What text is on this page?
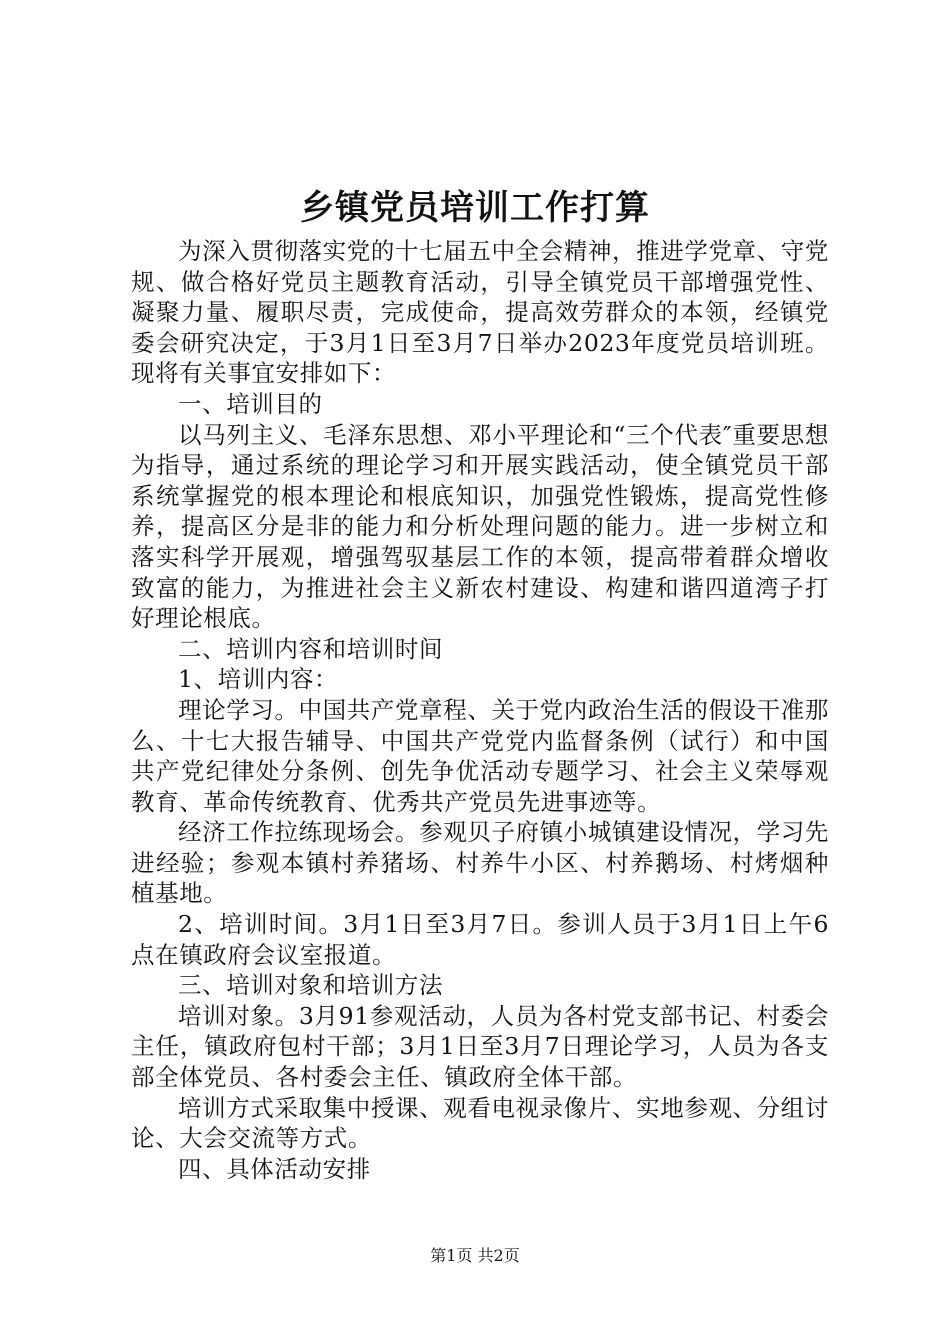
乡镇党员培训工作打算

为深入贯彻落实党的十七届五中全会精神，推进学党章、守党规、做合格好党员主题教育活动，引导全镇党员干部增强党性、凝聚力量、履职尽责，完成使命，提高效劳群众的本领，经镇党委会研究决定，于3月1日至3月7日举办2023年度党员培训班。现将有关事宜安排如下：

一、培训目的

以马列主义、毛泽东思想、邓小平理论和“三个代表″重要思想为指导，通过系统的理论学习和开展实践活动，使全镇党员干部系统掌握党的根本理论和根底知识，加强党性锻炼，提高党性修养，提高区分是非的能力和分析处理问题的能力。进一步树立和落实科学开展观，增强驾驭基层工作的本领，提高带着群众增收致富的能力，为推进社会主义新农村建设、构建和谐四道湾子打好理论根底。

二、培训内容和培训时间

1、培训内容：

理论学习。中国共产党章程、关于党内政治生活的假设干准那么、十七大报告辅导、中国共产党党内监督条例（试行）和中国共产党纪律处分条例、创先争优活动专题学习、社会主义荣辱观教育、革命传统教育、优秀共产党员先进事迹等。

经济工作拉练现场会。参观贝子府镇小城镇建设情况，学习先进经验；参观本镇村养猪场、村养牛小区、村养鹅场、村烤烟种植基地。

2、培训时间。3月1日至3月7日。参训人员于3月1日上午6点在镇政府会议室报道。

三、培训对象和培训方法

培训对象。3月91参观活动，人员为各村党支部书记、村委会主任，镇政府包村干部；3月1日至3月7日理论学习，人员为各支部全体党员、各村委会主任、镇政府全体干部。

培训方式采取集中授课、观看电视录像片、实地参观、分组讨论、大会交流等方式。

四、具体活动安排

第1页 共2页
